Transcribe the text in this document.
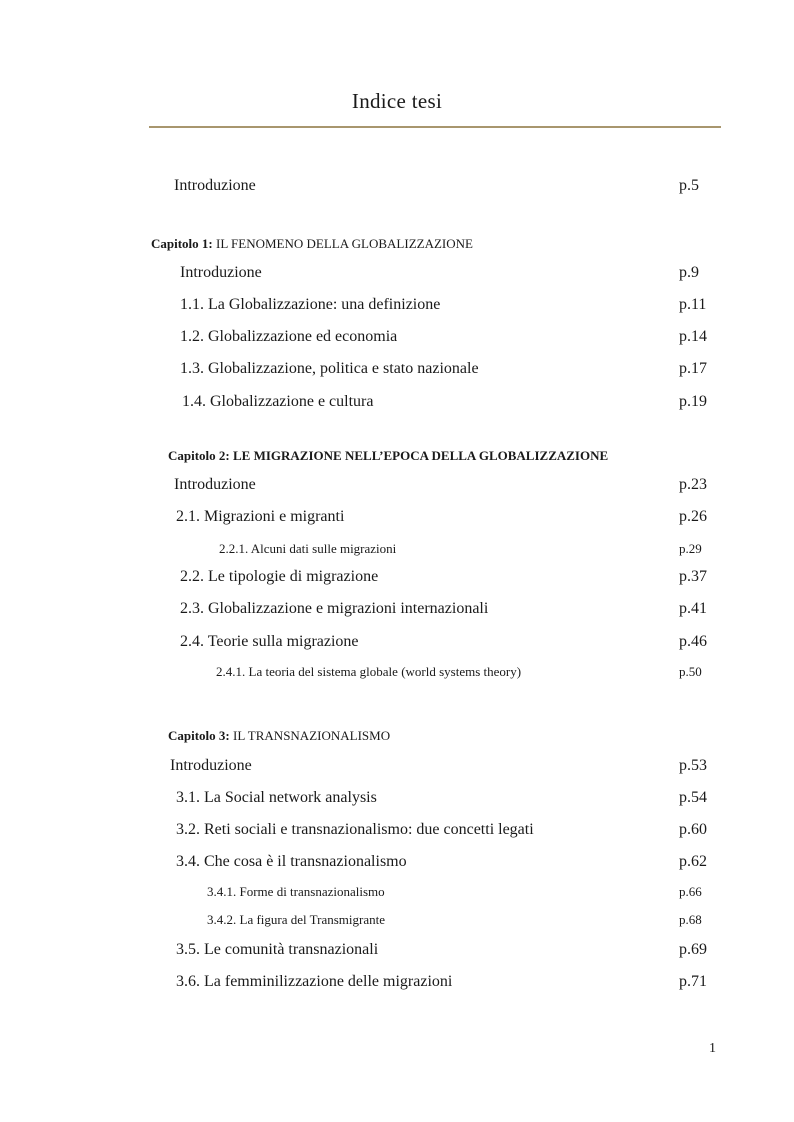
Indice tesi
Introduzione	p.5
Capitolo 1: IL FENOMENO DELLA GLOBALIZZAZIONE
Introduzione	p.9
1.1. La Globalizzazione: una definizione	p.11
1.2. Globalizzazione ed economia	p.14
1.3. Globalizzazione, politica e stato nazionale	p.17
1.4. Globalizzazione e cultura	p.19
Capitolo 2: LE MIGRAZIONE NELL’EPOCA DELLA GLOBALIZZAZIONE
Introduzione	p.23
2.1. Migrazioni e migranti	p.26
2.2.1. Alcuni dati sulle migrazioni	p.29
2.2. Le tipologie di migrazione	p.37
2.3. Globalizzazione e migrazioni internazionali	p.41
2.4. Teorie sulla migrazione	p.46
2.4.1. La teoria del sistema globale (world systems theory)	p.50
Capitolo 3: IL TRANSNAZIONALISMO
Introduzione	p.53
3.1. La Social network analysis	p.54
3.2. Reti sociali e transnazionalismo: due concetti legati	p.60
3.4. Che cosa è il transnazionalismo	p.62
3.4.1. Forme di transnazionalismo	p.66
3.4.2. La figura del Transmigrante	p.68
3.5. Le comunità transnazionali	p.69
3.6. La femminilizzazione delle migrazioni	p.71
1
